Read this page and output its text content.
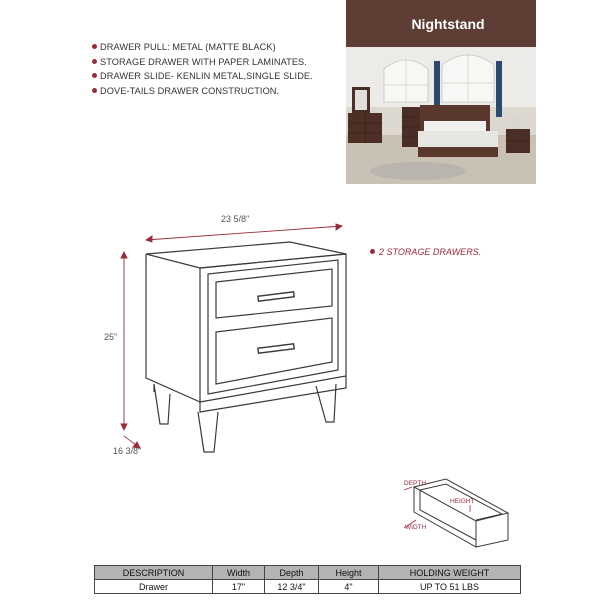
DRAWER PULL: METAL (MATTE BLACK)
STORAGE DRAWER WITH PAPER LAMINATES.
DRAWER SLIDE- KENLIN METAL,SINGLE SLIDE.
DOVE-TAILS DRAWER CONSTRUCTION.
Nightstand
23 5/8"
25"
16 3/8"
2 STORAGE DRAWERS.
DEPTH
HEIGHT
WIDTH
DESCRIPTION	Width	Depth	Height	HOLDING WEIGHT
Drawer	17"	12 3/4"	4"	UP TO 51 LBS
